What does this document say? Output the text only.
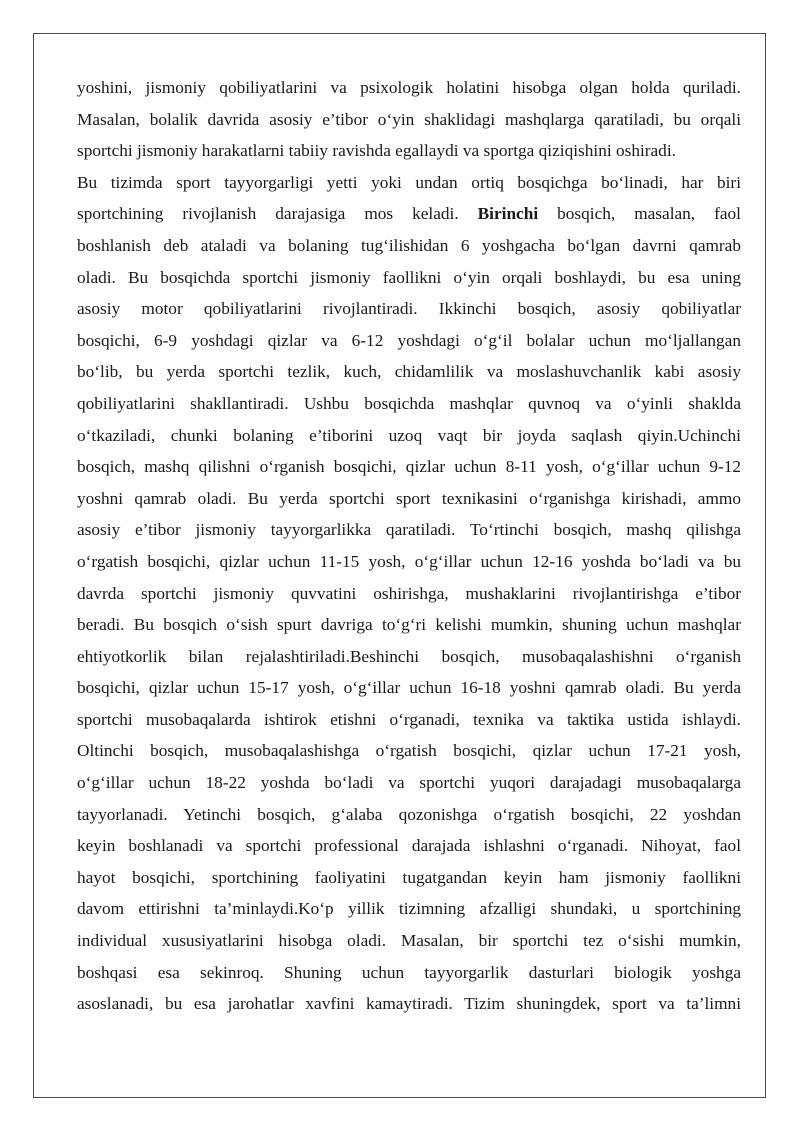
yoshini, jismoniy qobiliyatlarini va psixologik holatini hisobga olgan holda quriladi.
Masalan, bolalik davrida asosiy e’tibor o‘yin shaklidagi mashqlarga qaratiladi, bu orqali
sportchi jismoniy harakatlarni tabiiy ravishda egallaydi va sportga qiziqishini oshiradi.
Bu tizimda sport tayyorgarligi yetti yoki undan ortiq bosqichga bo‘linadi, har biri
sportchining rivojlanish darajasiga mos keladi. Birinchi bosqich, masalan, faol
boshlanish deb ataladi va bolaning tug‘ilishidan 6 yoshgacha bo‘lgan davrni qamrab
oladi. Bu bosqichda sportchi jismoniy faollikni o‘yin orqali boshlaydi, bu esa uning
asosiy motor qobiliyatlarini rivojlantiradi. Ikkinchi bosqich, asosiy qobiliyatlar
bosqichi, 6-9 yoshdagi qizlar va 6-12 yoshdagi o‘g‘il bolalar uchun mo‘ljallangan
bo‘lib, bu yerda sportchi tezlik, kuch, chidamlilik va moslashuvchanlik kabi asosiy
qobiliyatlarini shakllantiradi. Ushbu bosqichda mashqlar quvnoq va o‘yinli shaklda
o‘tkaziladi, chunki bolaning e’tiborini uzoq vaqt bir joyda saqlash qiyin.Uchinchi
bosqich, mashq qilishni o‘rganish bosqichi, qizlar uchun 8-11 yosh, o‘g‘illar uchun 9-12
yoshni qamrab oladi. Bu yerda sportchi sport texnikasini o‘rganishga kirishadi, ammo
asosiy e’tibor jismoniy tayyorgarlikka qaratiladi. To‘rtinchi bosqich, mashq qilishga
o‘rgatish bosqichi, qizlar uchun 11-15 yosh, o‘g‘illar uchun 12-16 yoshda bo‘ladi va bu
davrda sportchi jismoniy quvvatini oshirishga, mushaklarini rivojlantirishga e’tibor
beradi. Bu bosqich o‘sish spurt davriga to‘g‘ri kelishi mumkin, shuning uchun mashqlar
ehtiyotkorlik bilan rejalashtiriladi.Beshinchi bosqich, musobaqalashishni o‘rganish
bosqichi, qizlar uchun 15-17 yosh, o‘g‘illar uchun 16-18 yoshni qamrab oladi. Bu yerda
sportchi musobaqalarda ishtirok etishni o‘rganadi, texnika va taktika ustida ishlaydi.
Oltinchi bosqich, musobaqalashishga o‘rgatish bosqichi, qizlar uchun 17-21 yosh,
o‘g‘illar uchun 18-22 yoshda bo‘ladi va sportchi yuqori darajadagi musobaqalarga
tayyorlanadi. Yetinchi bosqich, g‘alaba qozonishga o‘rgatish bosqichi, 22 yoshdan
keyin boshlanadi va sportchi professional darajada ishlashni o‘rganadi. Nihoyat, faol
hayot bosqichi, sportchining faoliyatini tugatgandan keyin ham jismoniy faollikni
davom ettirishni ta’minlaydi.Ko‘p yillik tizimning afzalligi shundaki, u sportchining
individual xususiyatlarini hisobga oladi. Masalan, bir sportchi tez o‘sishi mumkin,
boshqasi esa sekinroq. Shuning uchun tayyorgarlik dasturlari biologik yoshga
asoslanadi, bu esa jarohatlar xavfini kamaytiradi. Tizim shuningdek, sport va ta’limni
